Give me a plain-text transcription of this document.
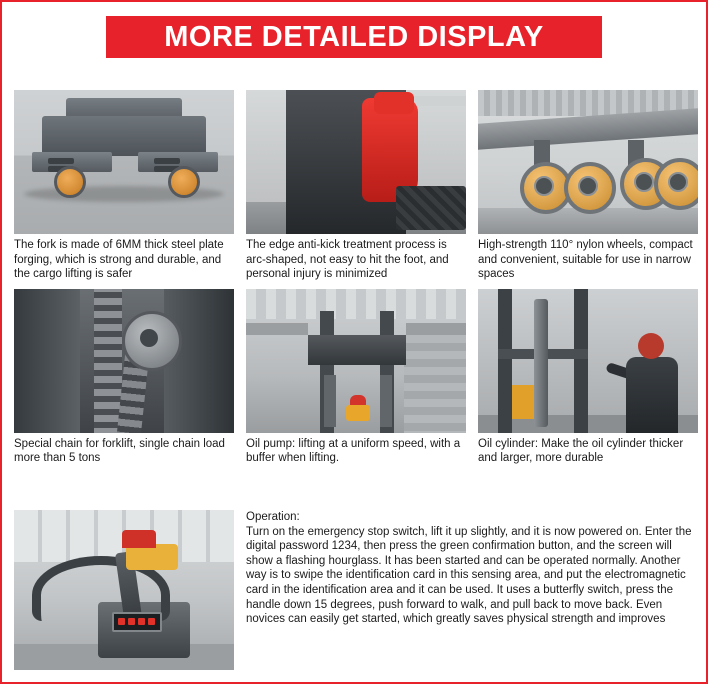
MORE DETAILED DISPLAY
The fork is made of 6MM thick steel plate forging, which is strong and durable, and the cargo lifting is safer
The edge anti-kick treatment process is arc-shaped, not easy to hit the foot, and personal injury is minimized
High-strength 110° nylon wheels, compact and convenient, suitable for use in narrow spaces
Special chain for forklift, single chain load more than 5 tons
Oil pump: lifting at a uniform speed, with a buffer when lifting.
Oil cylinder: Make the oil cylinder thicker and larger, more durable
Operation:
Turn on the emergency stop switch, lift it up slightly, and it is now powered on. Enter the digital password 1234, then press the green confirmation button, and the screen will show a flashing hourglass. It has been started and can be operated normally. Another way is to swipe the identification card in this sensing area, and put the electromagnetic card in the identification area and it can be used. It uses a butterfly switch, press the handle down 15 degrees, push forward to walk, and pull back to move back. Even novices can easily get started, which greatly saves physical strength and improves
